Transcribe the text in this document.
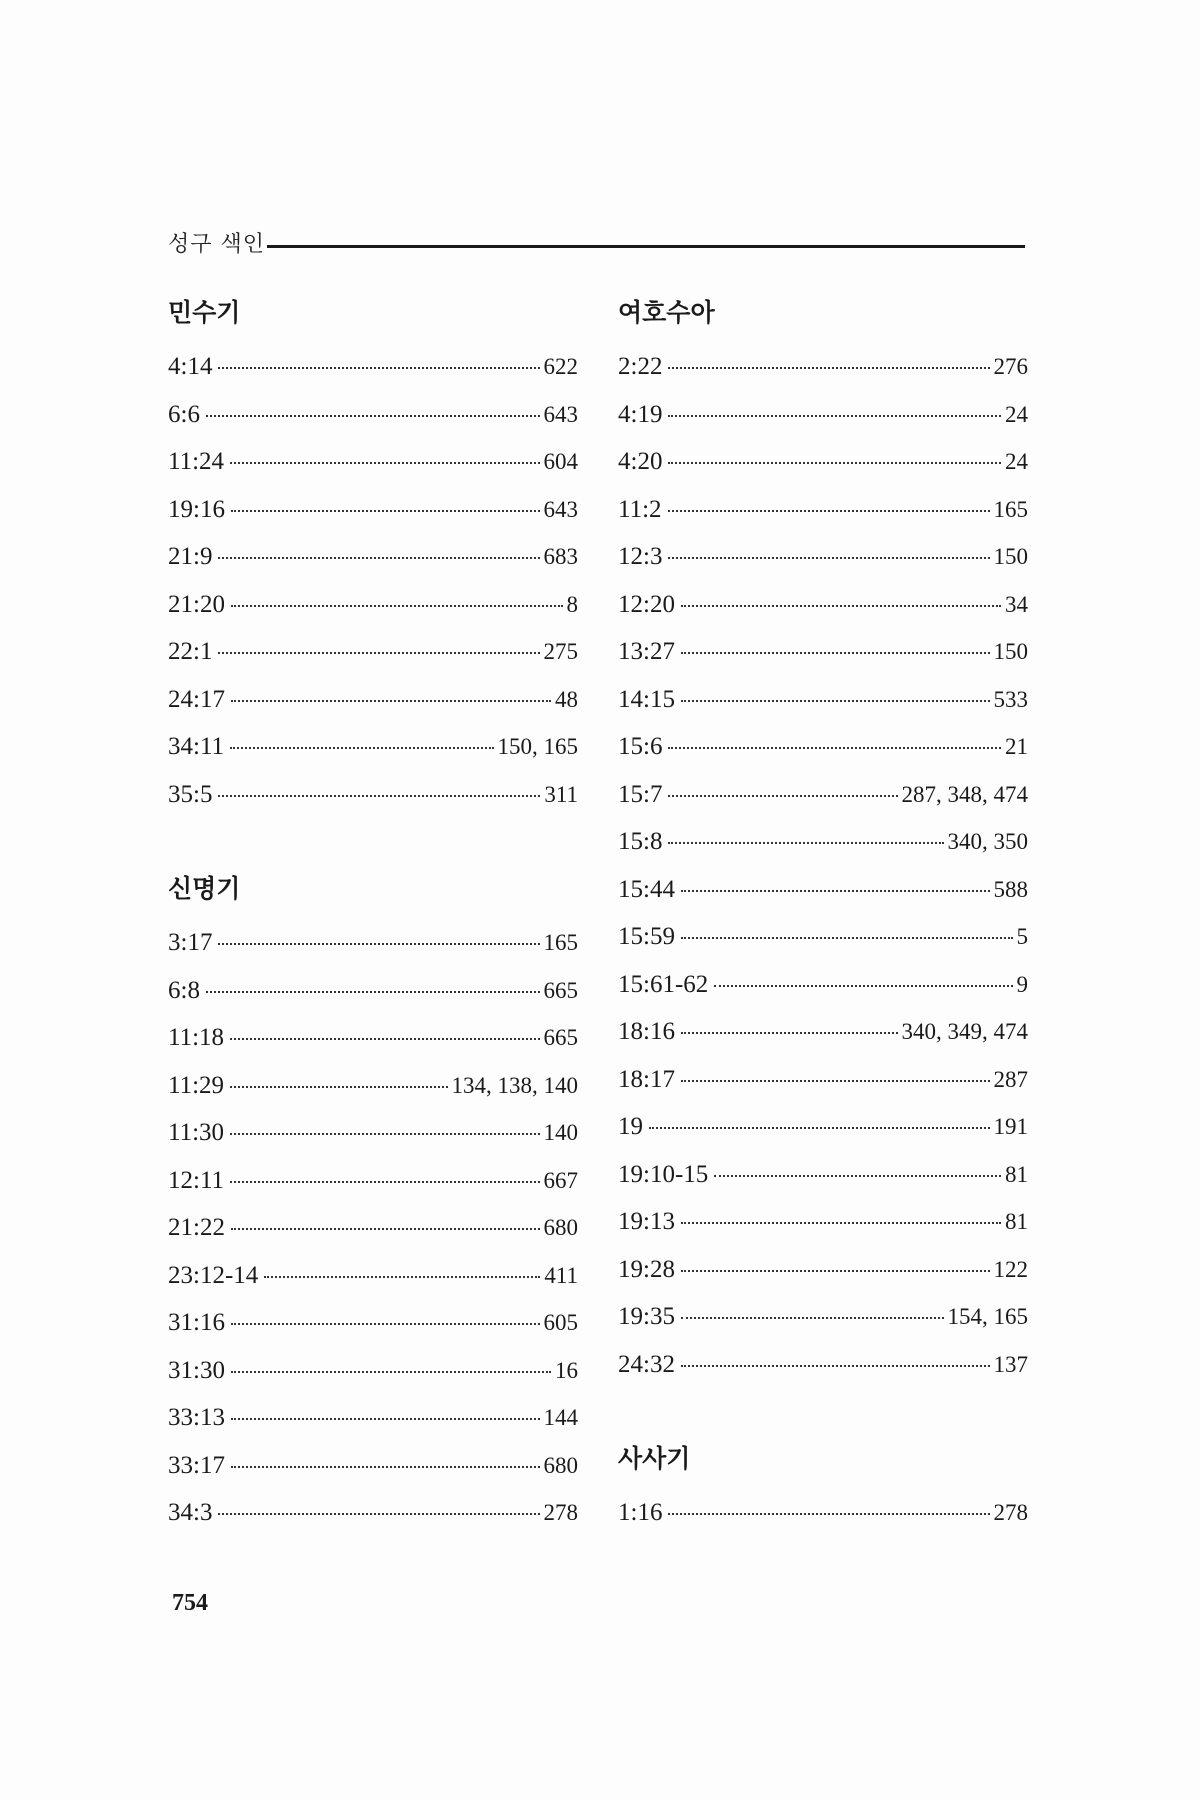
성구 색인
민수기
4:14	622
6:6	643
11:24	604
19:16	643
21:9	683
21:20	8
22:1	275
24:17	48
34:11	150, 165
35:5	311
신명기
3:17	165
6:8	665
11:18	665
11:29	134, 138, 140
11:30	140
12:11	667
21:22	680
23:12-14	411
31:16	605
31:30	16
33:13	144
33:17	680
34:3	278
여호수아
2:22	276
4:19	24
4:20	24
11:2	165
12:3	150
12:20	34
13:27	150
14:15	533
15:6	21
15:7	287, 348, 474
15:8	340, 350
15:44	588
15:59	5
15:61-62	9
18:16	340, 349, 474
18:17	287
19	191
19:10-15	81
19:13	81
19:28	122
19:35	154, 165
24:32	137
사사기
1:16	278
754
